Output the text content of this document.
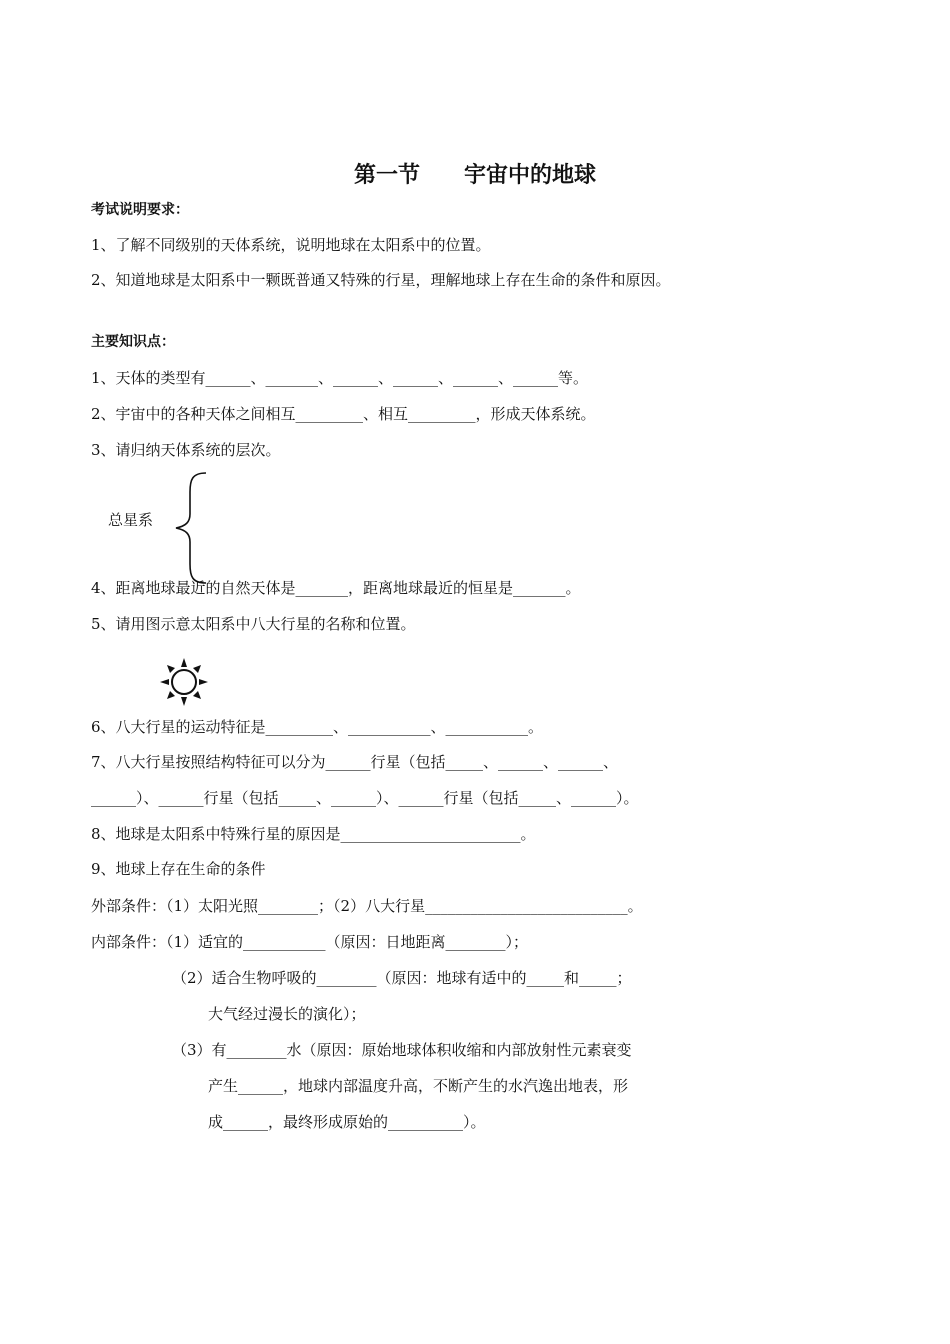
第一节　　宇宙中的地球
考试说明要求：
1、了解不同级别的天体系统，说明地球在太阳系中的位置。
2、知道地球是太阳系中一颗既普通又特殊的行星，理解地球上存在生命的条件和原因。
主要知识点：
1、天体的类型有______、_______、______、______、______、______等。
2、宇宙中的各种天体之间相互_________、相互_________，形成天体系统。
3、请归纳天体系统的层次。
总星系
4、距离地球最近的自然天体是_______，距离地球最近的恒星是_______。
5、请用图示意太阳系中八大行星的名称和位置。
6、八大行星的运动特征是_________、___________、___________。
7、八大行星按照结构特征可以分为______行星（包括_____、______、______、
______）、______行星（包括_____、______）、______行星（包括_____、______）。
8、地球是太阳系中特殊行星的原因是________________________。
9、地球上存在生命的条件
外部条件：（1）太阳光照________；（2）八大行星___________________________。
内部条件：（1）适宜的___________（原因：日地距离________）；
（2）适合生物呼吸的________（原因：地球有适中的_____和_____；
大气经过漫长的演化）；
（3）有________水（原因：原始地球体积收缩和内部放射性元素衰变
产生______，地球内部温度升高，不断产生的水汽逸出地表，形
成______，最终形成原始的__________）。
